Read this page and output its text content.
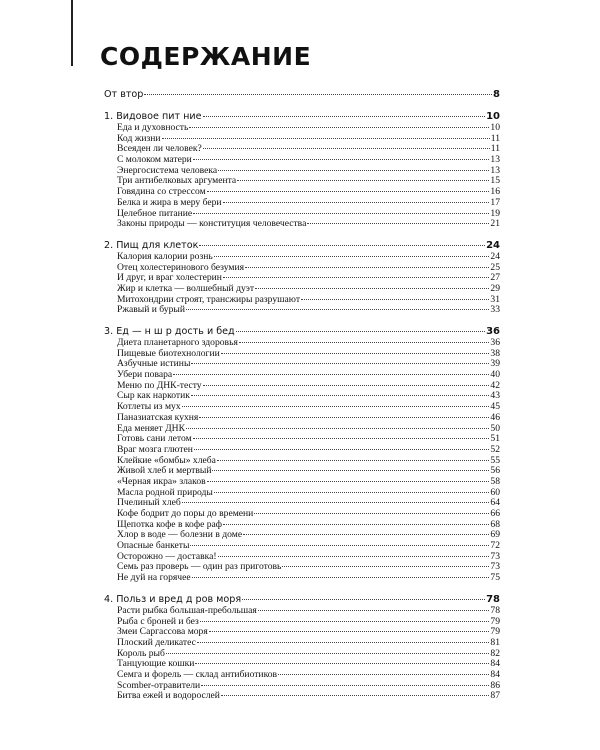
СОДЕРЖАНИЕ
От втор	8
1. Видовое пит ние	10
Еда и духовность	10
Код жизни	11
Всеяден ли человек?	11
С молоком матери	13
Энергосистема человека	13
Три антибелковых аргумента	15
Говядина со стрессом	16
Белка и жира в меру бери	17
Целебное питание	19
Законы природы — конституция человечества	21
2. Пищ для клеток	24
Калория калории рознь	24
Отец холестеринового безумия	25
И друг, и враг холестерин	27
Жир и клетка — волшебный дуэт	29
Митохондрии строят, трансжиры разрушают	31
Ржавый и бурый	33
3. Ед — н ш р дость и бед	36
Диета планетарного здоровья	36
Пищевые биотехнологии	38
Азбучные истины	39
Убери повара	40
Меню по ДНК-тесту	42
Сыр как наркотик	43
Котлеты из мух	45
Паназиатская кухня	46
Еда меняет ДНК	50
Готовь сани летом	51
Враг мозга глютен	52
Клейкие «бомбы» хлеба	55
Живой хлеб и мертвый	56
«Черная икра» злаков	58
Масла родной природы	60
Пчелиный хлеб	64
Кофе бодрит до поры до времени	66
Щепотка кофе в кофе раф	68
Хлор в воде — болезни в доме	69
Опасные банкеты	72
Осторожно — доставка!	73
Семь раз проверь — один раз приготовь	73
Не дуй на горячее	75
4. Польз и вред д ров моря	78
Расти рыбка большая-пребольшая	78
Рыба с броней и без	79
Змеи Саргассова моря	79
Плоский деликатес	81
Король рыб	82
Танцующие кошки	84
Семга и форель — склад антибиотиков	84
Scomber-отравители	86
Битва ежей и водорослей	87
